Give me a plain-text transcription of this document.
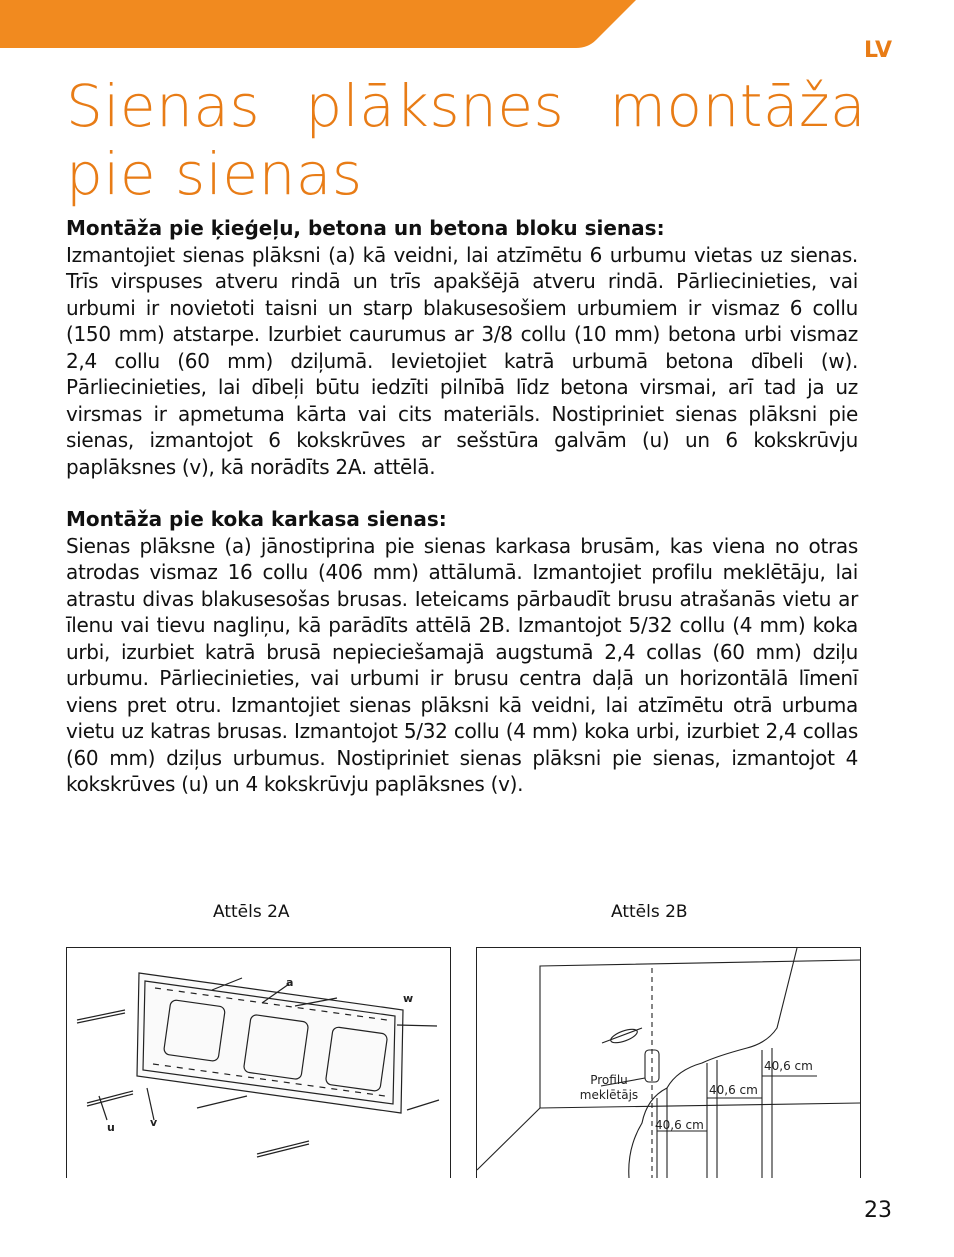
LV
Sienas plāksnes montāža pie sienas
Montāža pie ķieģeļu, betona un betona bloku sienas:

Izmantojiet sienas plāksni (a) kā veidni, lai atzīmētu 6 urbumu vietas uz sienas. Trīs virspuses atveru rindā un trīs apakšējā atveru rindā. Pārliecinieties, vai urbumi ir novietoti taisni un starp blakusesošiem urbumiem ir vismaz 6 collu (150 mm) atstarpe. Izurbiet caurumus ar 3/8 collu (10 mm) betona urbi vismaz 2,4 collu (60 mm) dziļumā. Ievietojiet katrā urbumā betona dībeli (w). Pārliecinieties, lai dībeļi būtu iedzīti pilnībā līdz betona virsmai, arī tad ja uz virsmas ir apmetuma kārta vai cits materiāls. Nostipriniet sienas plāksni pie sienas, izmantojot 6 kokskrūves ar sešstūra galvām (u) un 6 kokskrūvju paplāksnes (v), kā norādīts 2A. attēlā.

Montāža pie koka karkasa sienas:

Sienas plāksne (a) jānostiprina pie sienas karkasa brusām, kas viena no otras atrodas vismaz 16 collu (406 mm) attālumā. Izmantojiet profilu meklētāju, lai atrastu divas blakusesošas brusas. Ieteicams pārbaudīt brusu atrašanās vietu ar īlenu vai tievu nagliņu, kā parādīts attēlā 2B. Izmantojot 5/32 collu (4 mm) koka urbi, izurbiet katrā brusā nepieciešamajā augstumā 2,4 collas (60 mm) dziļu urbumu. Pārliecinieties, vai urbumi ir brusu centra daļā un horizontālā līmenī viens pret otru. Izmantojiet sienas plāksni kā veidni, lai atzīmētu otrā urbuma vietu uz katras brusas. Izmantojot 5/32 collu (4 mm) koka urbi, izurbiet 2,4 collas (60 mm) dziļus urbumus. Nostipriniet sienas plāksni pie sienas, izmantojot 4 kokskrūves (u) un 4 kokskrūvju paplāksnes (v).

Attēls 2A	Attēls 2B
a
w
u	v
Profilu
meklētājs
40,6 cm
40,6 cm
40,6 cm
23
